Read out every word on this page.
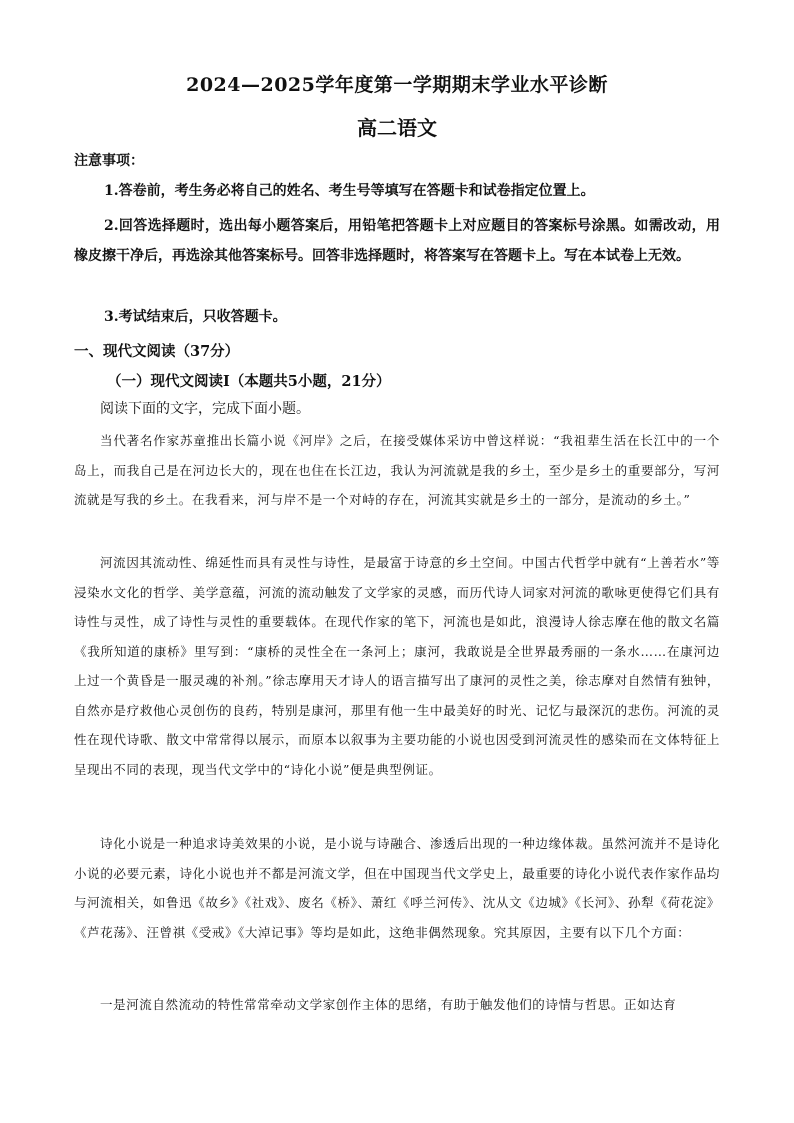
2024—2025学年度第一学期期末学业水平诊断
高二语文
注意事项：

1.答卷前，考生务必将自己的姓名、考生号等填写在答题卡和试卷指定位置上。

2.回答选择题时，选出每小题答案后，用铅笔把答题卡上对应题目的答案标号涂黑。如需改动，用橡皮擦干净后，再选涂其他答案标号。回答非选择题时，将答案写在答题卡上。写在本试卷上无效。

3.考试结束后，只收答题卡。

一、现代文阅读（37分）
（一）现代文阅读Ⅰ（本题共5小题，21分）
阅读下面的文字，完成下面小题。

当代著名作家苏童推出长篇小说《河岸》之后，在接受媒体采访中曾这样说：“我祖辈生活在长江中的一个岛上，而我自己是在河边长大的，现在也住在长江边，我认为河流就是我的乡土，至少是乡土的重要部分，写河流就是写我的乡土。在我看来，河与岸不是一个对峙的存在，河流其实就是乡土的一部分，是流动的乡土。”

河流因其流动性、绵延性而具有灵性与诗性，是最富于诗意的乡土空间。中国古代哲学中就有“上善若水”等浸染水文化的哲学、美学意蕴，河流的流动触发了文学家的灵感，而历代诗人词家对河流的歌咏更使得它们具有诗性与灵性，成了诗性与灵性的重要载体。在现代作家的笔下，河流也是如此，浪漫诗人徐志摩在他的散文名篇《我所知道的康桥》里写到：“康桥的灵性全在一条河上；康河，我敢说是全世界最秀丽的一条水……在康河边上过一个黄昏是一服灵魂的补剂。”徐志摩用天才诗人的语言描写出了康河的灵性之美，徐志摩对自然情有独钟，自然亦是疗救他心灵创伤的良药，特别是康河，那里有他一生中最美好的时光、记忆与最深沉的悲伤。河流的灵性在现代诗歌、散文中常常得以展示，而原本以叙事为主要功能的小说也因受到河流灵性的感染而在文体特征上呈现出不同的表现，现当代文学中的“诗化小说”便是典型例证。

诗化小说是一种追求诗美效果的小说，是小说与诗融合、渗透后出现的一种边缘体裁。虽然河流并不是诗化小说的必要元素，诗化小说也并不都是河流文学，但在中国现当代文学史上，最重要的诗化小说代表作家作品均与河流相关，如鲁迅《故乡》《社戏》、废名《桥》、萧红《呼兰河传》、沈从文《边城》《长河》、孙犁《荷花淀》《芦花荡》、汪曾祺《受戒》《大淖记事》等均是如此，这绝非偶然现象。究其原因，主要有以下几个方面：

一是河流自然流动的特性常常牵动文学家创作主体的思绪，有助于触发他们的诗情与哲思。正如达育
